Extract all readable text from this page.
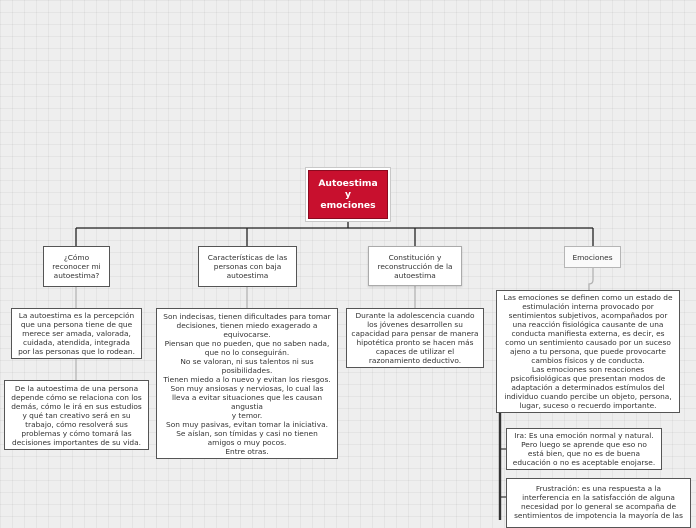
Autoestima
y
emociones
¿Cómo
reconocer mi
autoestima?
La autoestima es la percepción
que una persona tiene de que
merece ser amada, valorada,
cuidada, atendida, integrada
por las personas que lo rodean.
De la autoestima de una persona
depende cómo se relaciona con los
demás, cómo le irá en sus estudios
y qué tan creativo será en su
trabajo, cómo resolverá sus
problemas y cómo tomará las
decisiones importantes de su vida.
Características de las
personas con baja
autoestima
Son indecisas, tienen dificultades para tomar
decisiones, tienen miedo exagerado a
equivocarse.
Piensan que no pueden, que no saben nada,
que no lo conseguirán.
No se valoran, ni sus talentos ni sus
posibilidades.
Tienen miedo a lo nuevo y evitan los riesgos.
Son muy ansiosas y nerviosas, lo cual las
lleva a evitar situaciones que les causan
angustia
y temor.
Son muy pasivas, evitan tomar la iniciativa.
Se aíslan, son tímidas y casi no tienen
amigos o muy pocos.
Entre otras.
Constitución y
reconstrucción de la
autoestima
Durante la adolescencia cuando
los jóvenes desarrollen su
capacidad para pensar de manera
hipotética pronto se hacen más
capaces de utilizar el
razonamiento deductivo.
Emociones
Las emociones se definen como un estado de
estimulación interna provocado por
sentimientos subjetivos, acompañados por
una reacción fisiológica causante de una
conducta manifiesta externa, es decir, es
como un sentimiento causado por un suceso
ajeno a tu persona, que puede provocarte
cambios físicos y de conducta.
Las emociones son reacciones
psicofisiológicas que presentan modos de
adaptación a determinados estímulos del
individuo cuando percibe un objeto, persona,
lugar, suceso o recuerdo importante.
Ira: Es una emoción normal y natural.
Pero luego se aprende que eso no
está bien, que no es de buena
educación o no es aceptable enojarse.
Frustración: es una respuesta a la
interferencia en la satisfacción de alguna
necesidad por lo general se acompaña de
sentimientos de impotencia la mayoría de las
